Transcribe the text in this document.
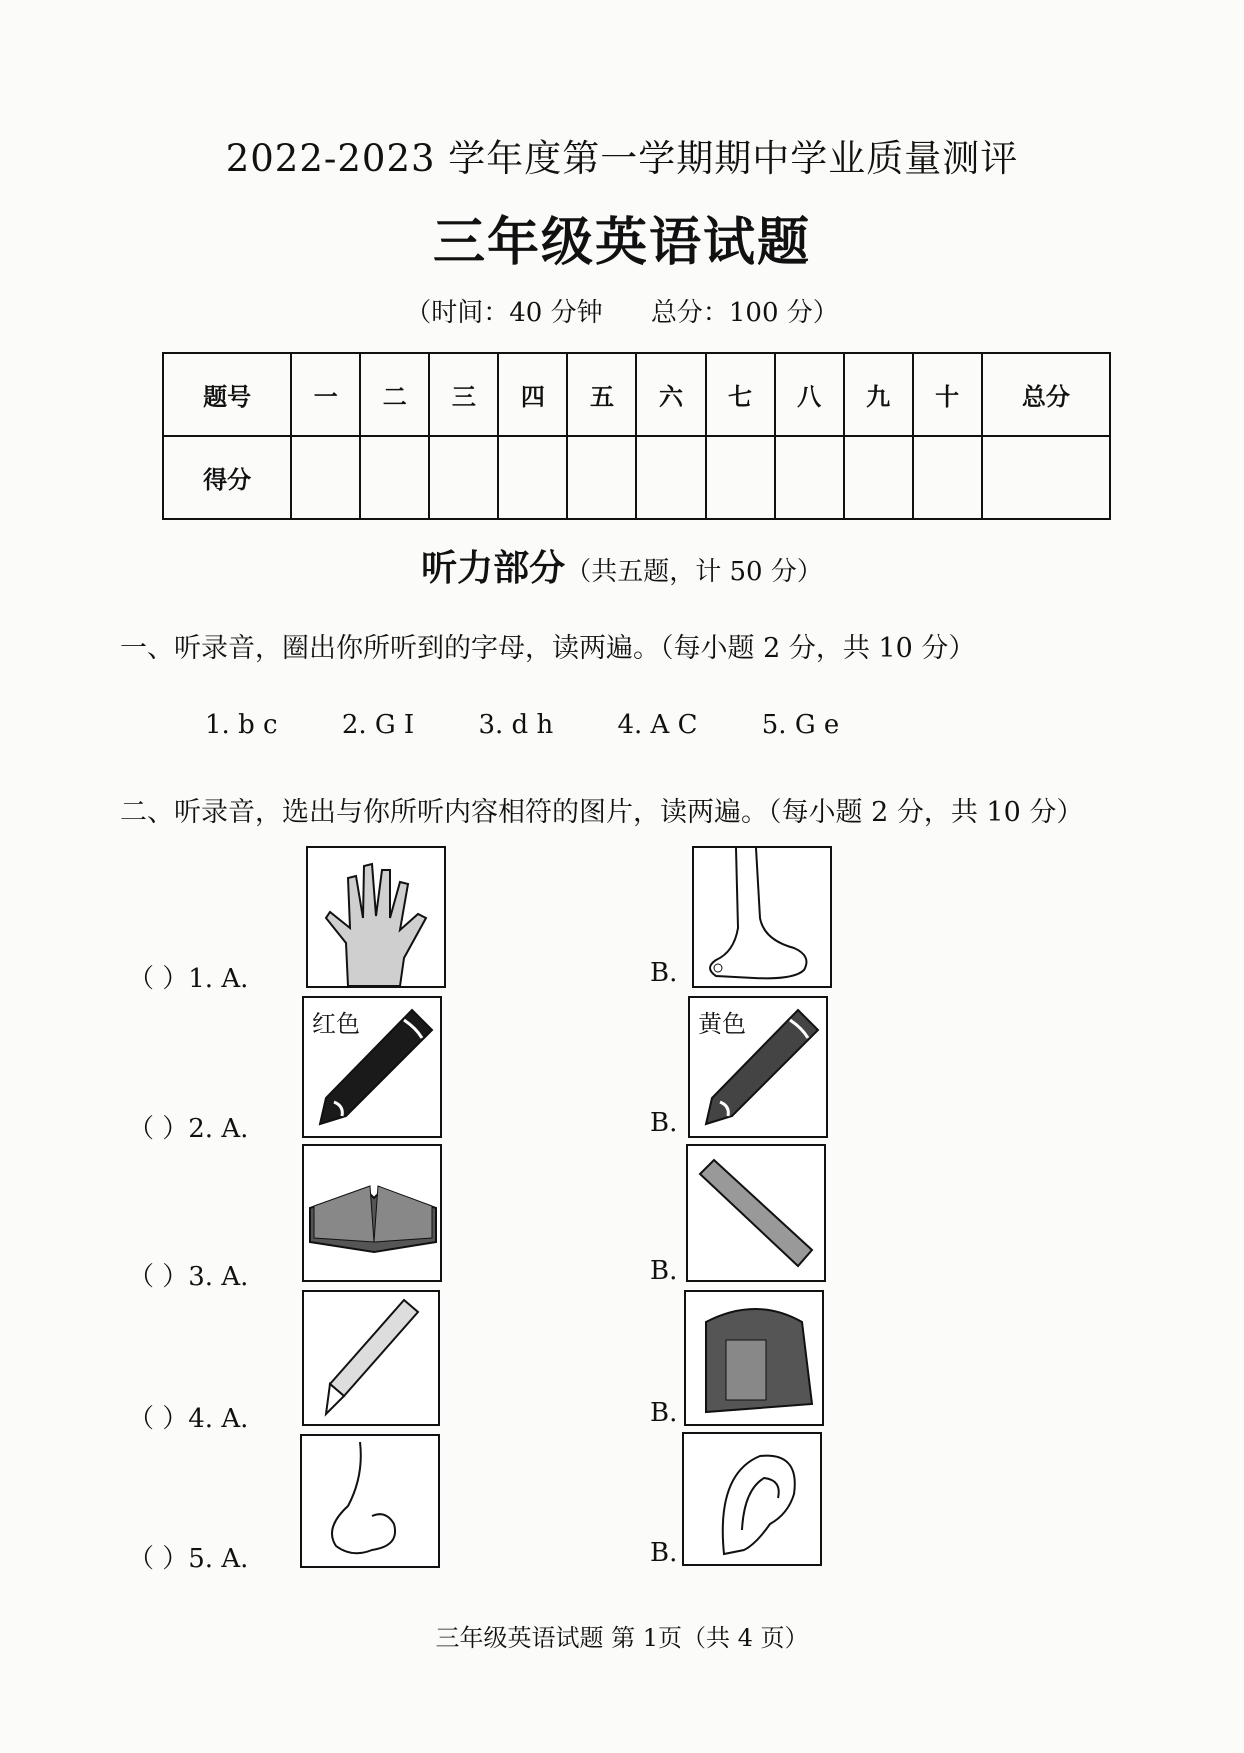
2022-2023 学年度第一学期期中学业质量测评
三年级英语试题
（时间：40 分钟 总分：100 分）
题号	一	二	三	四	五	六	七	八	九	十	总分
得分											
听力部分（共五题，计 50 分）
一、听录音，圈出你所听到的字母，读两遍。（每小题 2 分，共 10 分）
1. b c 2. G I 3. d h 4. A C 5. G e
二、听录音，选出与你所听内容相符的图片，读两遍。（每小题 2 分，共 10 分）
（ ）1. A.	B.
（ ）2. A.
红色
B.
黄色
（ ）3. A.	B.
（ ）4. A.	B.
（ ）5. A.	B.
三年级英语试题 第 1页（共 4 页）
